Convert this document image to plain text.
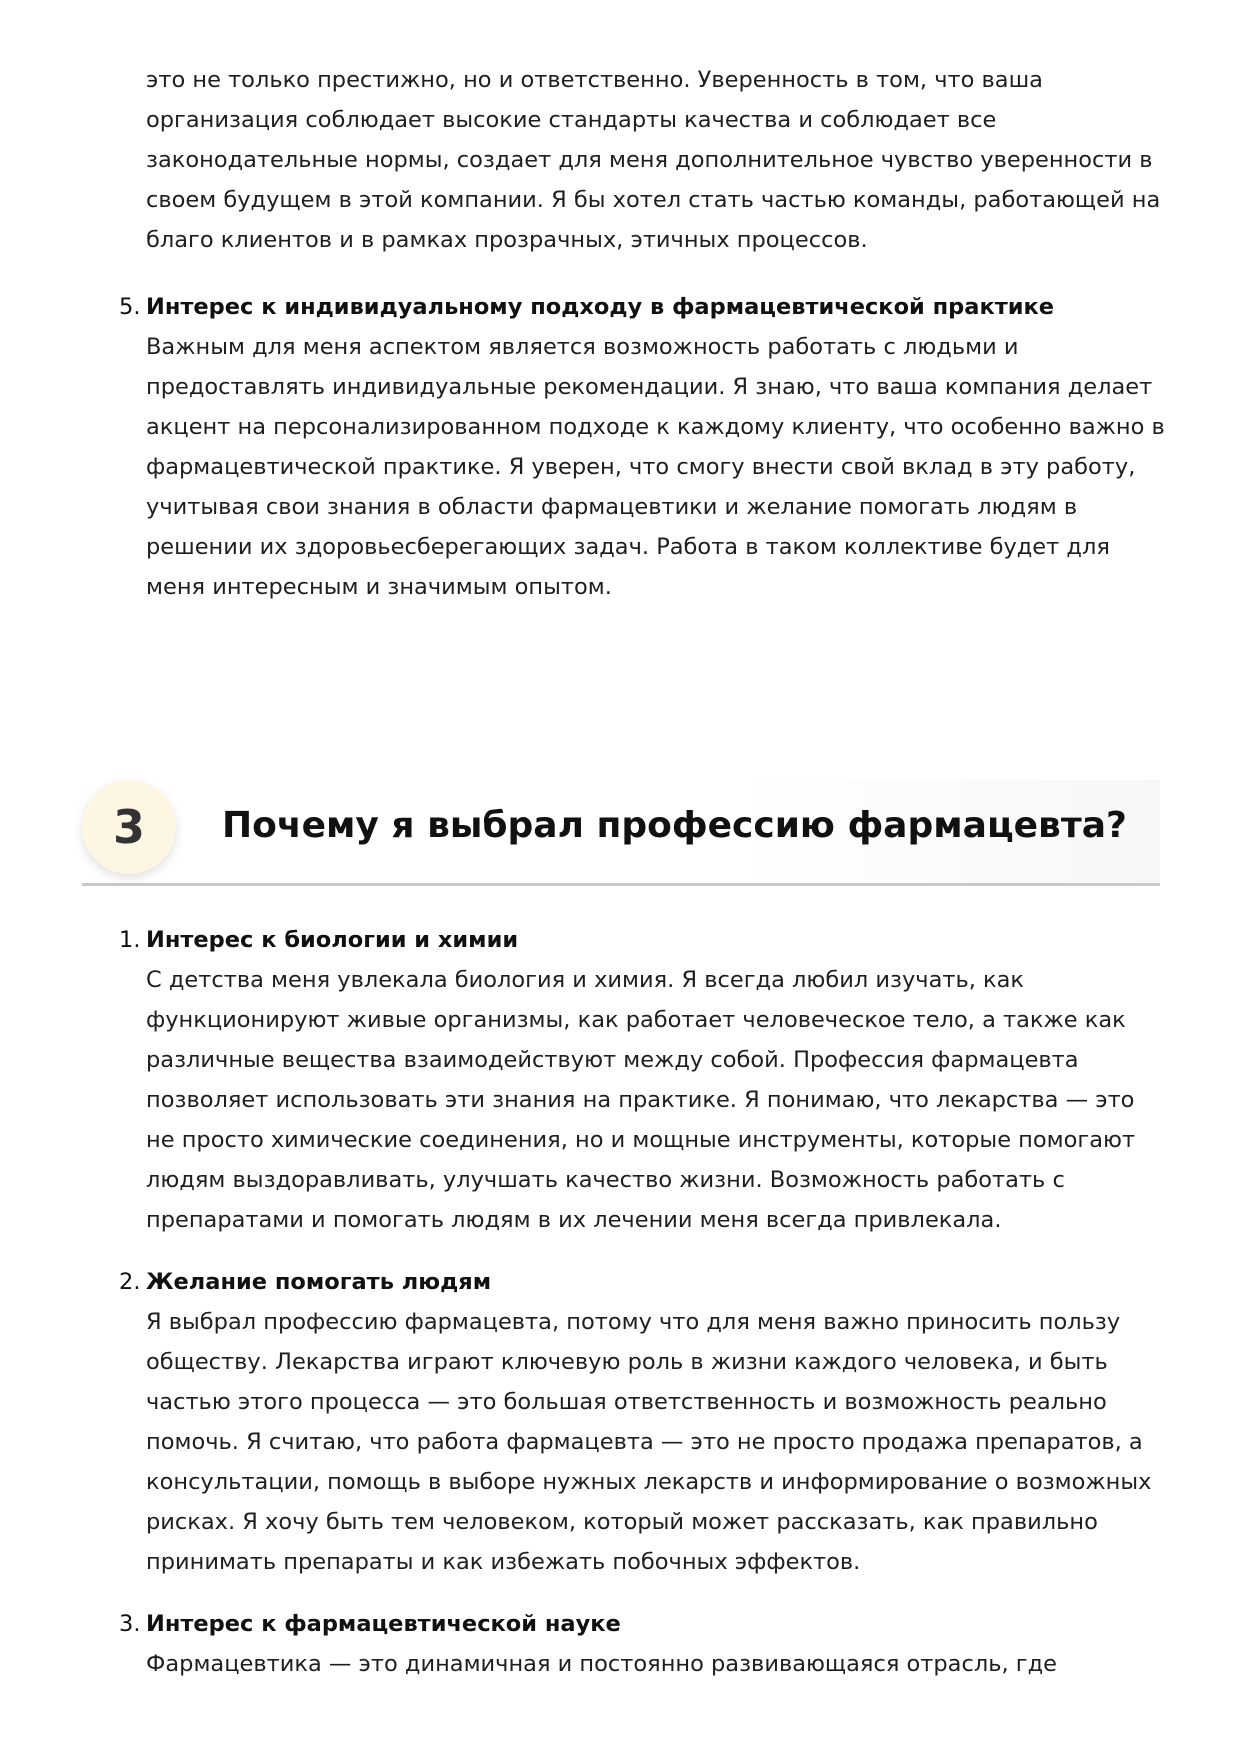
это не только престижно, но и ответственно. Уверенность в том, что ваша организация соблюдает высокие стандарты качества и соблюдает все законодательные нормы, создает для меня дополнительное чувство уверенности в своем будущем в этой компании. Я бы хотел стать частью команды, работающей на благо клиентов и в рамках прозрачных, этичных процессов.

5. Интерес к индивидуальному подходу в фармацевтической практике

Важным для меня аспектом является возможность работать с людьми и предоставлять индивидуальные рекомендации. Я знаю, что ваша компания делает акцент на персонализированном подходе к каждому клиенту, что особенно важно в фармацевтической практике. Я уверен, что смогу внести свой вклад в эту работу, учитывая свои знания в области фармацевтики и желание помогать людям в решении их здоровьесберегающих задач. Работа в таком коллективе будет для меня интересным и значимым опытом.

3	Почему я выбрал профессию фармацевта?

1. Интерес к биологии и химии

С детства меня увлекала биология и химия. Я всегда любил изучать, как функционируют живые организмы, как работает человеческое тело, а также как различные вещества взаимодействуют между собой. Профессия фармацевта позволяет использовать эти знания на практике. Я понимаю, что лекарства — это не просто химические соединения, но и мощные инструменты, которые помогают людям выздоравливать, улучшать качество жизни. Возможность работать с препаратами и помогать людям в их лечении меня всегда привлекала.

2. Желание помогать людям

Я выбрал профессию фармацевта, потому что для меня важно приносить пользу обществу. Лекарства играют ключевую роль в жизни каждого человека, и быть частью этого процесса — это большая ответственность и возможность реально помочь. Я считаю, что работа фармацевта — это не просто продажа препаратов, а консультации, помощь в выборе нужных лекарств и информирование о возможных рисках. Я хочу быть тем человеком, который может рассказать, как правильно принимать препараты и как избежать побочных эффектов.

3. Интерес к фармацевтической науке

Фармацевтика — это динамичная и постоянно развивающаяся отрасль, где
